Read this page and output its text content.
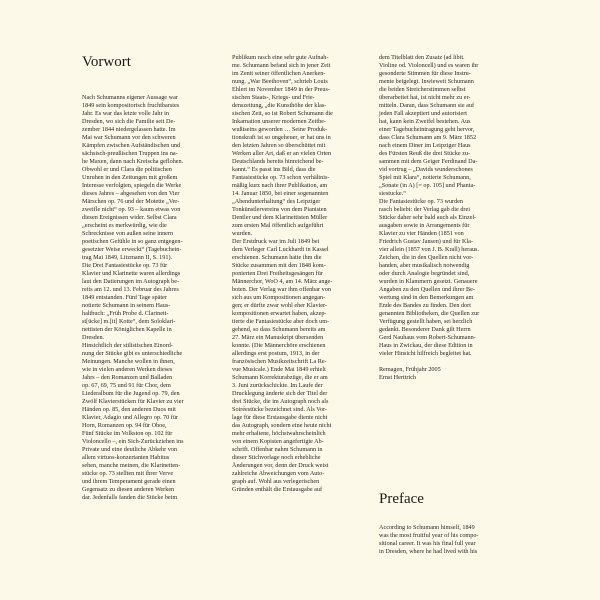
Vorwort
Preface
Nach Schumanns eigener Aussage war
1849 sein kompositorisch fruchtbarstes
Jahr. Es war das letzte volle Jahr in
Dresden, wo sich die Familie seit De-
zember 1844 niedergelassen hatte. Im
Mai war Schumann vor den schweren
Kämpfen zwischen Aufständischen und
sächsisch-preußischen Truppen ins na-
he Maxen, dann nach Kreischa geflohen.
Obwohl er und Clara die politischen
Unruhen in den Zeitungen mit großem
Interesse verfolgten, spiegeln die Werke
dieses Jahres – abgesehen von den Vier
Märschen op. 76 und der Motette „Ver-
zweifle nicht“ op. 93 – kaum etwas von
diesen Ereignissen wider. Selbst Clara
„erscheint es merkwürdig, wie die
Schrecknisse von außen seine innern
poetischen Gefühle in so ganz entgegen-
gesetzter Weise erweckt“ (Tagebuchein-
trag Mai 1849, Litzmann II, S. 191).
Die Drei Fantasiestücke op. 73 für
Klavier und Klarinette waren allerdings
laut den Datierungen im Autograph be-
reits am 12. und 13. Februar des Jahres
1849 entstanden. Fünf Tage später
notierte Schumann in seinem Haus-
haltbuch: „Früh Probe d. Clarinett-
st[ücke] m.[it] Kotte“, dem Soloklari-
nettisten der Königlichen Kapelle in
Dresden.
Hinsichtlich der stilistischen Einord-
nung der Stücke gibt es unterschiedliche
Meinungen. Manche wollen in ihnen,
wie in vielen anderen Werken dieses
Jahrs – den Romanzen und Balladen
op. 67, 69, 75 und 91 für Chor, dem
Liederalbum für die Jugend op. 79, den
Zwölf Klavierstücken für Klavier zu vier
Händen op. 85, den anderen Duos mit
Klavier, Adagio und Allegro op. 70 für
Horn, Romanzen op. 94 für Oboe,
Fünf Stücke im Volkston op. 102 für
Violoncello –, ein Sich-Zurückziehen ins
Private und eine deutliche Abkehr von
allem virtuos-konzertanten Habitus
sehen, manche meinen, die Klarinetten-
stücke op. 73 stellten mit ihrer Verve
und ihrem Temperament gerade einen
Gegensatz zu diesen anderen Werken
dar. Jedenfalls fanden die Stücke beim
Publikum rasch eine sehr gute Aufnah-
me. Schumann befand sich in jener Zeit
im Zenit seiner öffentlichen Anerken-
nung. „War Beethoven“, schrieb Louis
Ehlert im November 1849 in der Preus-
sischen Staats-, Kriegs- und Frie-
denszeitung, „die Kunsthöhe der klas-
sischen Zeit, so ist Robert Schumann die
Inkarnation unserer modernen Zeitbe-
wußtseins geworden … Seine Produk-
tionskraft ist so ungeheuer, er hat uns in
den letzten Jahren so überschüttet mit
Werken aller Art, daß er an vielen Orten
Deutschlands bereits hinreichend be-
kannt.“ Es passt ins Bild, dass die
Fantasiestücke op. 73 schon verhältnis-
mäßig kurz nach ihrer Publikation, am
14. Januar 1850, bei einer sogenannten
„Abendunterhaltung“ des Leipziger
Tonkünstlervereins von dem Pianisten
Dentler und dem Klarinettisten Müller
zum ersten Mal öffentlich aufgeführt
wurden.
Der Erstdruck war im Juli 1849 bei
dem Verleger Carl Luckhardt in Kassel
erschienen. Schumann hatte ihm die
Stücke zusammen mit den 1848 kom-
ponierten Drei Freiheitsgesängen für
Männerchor, WoO 4, am 14. März ange-
boten. Der Verlag war ihm offenbar von
sich aus um Kompositionen angegan-
gen; er dürfte zwar wohl eher Klavier-
kompositionen erwartet haben, akzep-
tierte die Fantasiestücke aber doch um-
gehend, so dass Schumann bereits am
27. März ein Manuskript übersenden
konnte. (Die Männerchöre erschienen
allerdings erst postum, 1913, in der
französischen Musikzeitschrift La Re-
vue Musicale.) Ende Mai 1849 erhielt
Schumann Korrekturabzüge, die er am
3. Juni zurückschickte. Im Laufe der
Drucklegung änderte sich der Titel der
drei Stücke, die im Autograph noch als
Soiréestücke bezeichnet sind. Als Vor-
lage für diese Erstausgabe diente nicht
das Autograph, sondern eine heute nicht
mehr erhaltene, höchstwahrscheinlich
von einem Kopisten angefertigte Ab-
schrift. Offenbar nahm Schumann in
dieser Stichvorlage noch erhebliche
Änderungen vor, denn der Druck weist
zahlreiche Abweichungen vom Auto-
graph auf. Wohl aus verlegerischen
Gründen enthält die Erstausgabe auf
dem Titelblatt den Zusatz (ad libit.
Violine od. Violoncell) und es waren ihr
gesonderte Stimmen für diese Instru-
mente beigelegt. Inwieweit Schumann
die beiden Streicherstimmen selbst
überarbeitet hat, ist nicht mehr zu er-
mitteln. Daran, dass Schumann sie auf
jeden Fall akzeptiert und autorisiert
hat, kann kein Zweifel bestehen. Aus
einer Tagebucheintragung geht hervor,
dass Clara Schumann am 9. März 1852
nach einem Diner im Leipziger Haus
des Fürsten Reuß die drei Stücke zu-
sammen mit dem Geiger Ferdinand Da-
vid vortrug – „Davids wunderschones
Spiel mit Klara“, notierte Schumann,
„Sonate (in A) [= op. 105] und Phanta-
siestucke.“
Die Fantasiestücke op. 73 wurden
rasch beliebt: der Verlag gab die drei
Stücke daher sehr bald auch als Einzel-
ausgaben sowie in Arrangements für
Klavier zu vier Händen (1851 von
Friedrich Gustav Jansen) und für Kla-
vier allein (1857 von J. B. Krall) heraus.
Zeichen, die in den Quellen nicht vor-
handen, aber musikalisch notwendig
oder durch Analogie begründet sind,
wurden in Klammern gesetzt. Genauere
Angaben zu den Quellen und ihrer Be-
wertung sind in den Bemerkungen am
Ende des Bandes zu finden. Den dort
genannten Bibliotheken, die Quellen zur
Verfügung gestellt haben, sei herzlich
gedankt. Besonderer Dank gilt Herrn
Gerd Nauhaus vom Robert-Schumann-
Haus in Zwickau, der diese Edition in
vieler Hinsicht hilfreich begleitet hat.
Remagen, Frühjahr 2005
Ernst Herttrich
According to Schumann himself, 1849
was the most fruitful year of his compo-
sitional career. It was his final full year
in Dresden, where he had lived with his
